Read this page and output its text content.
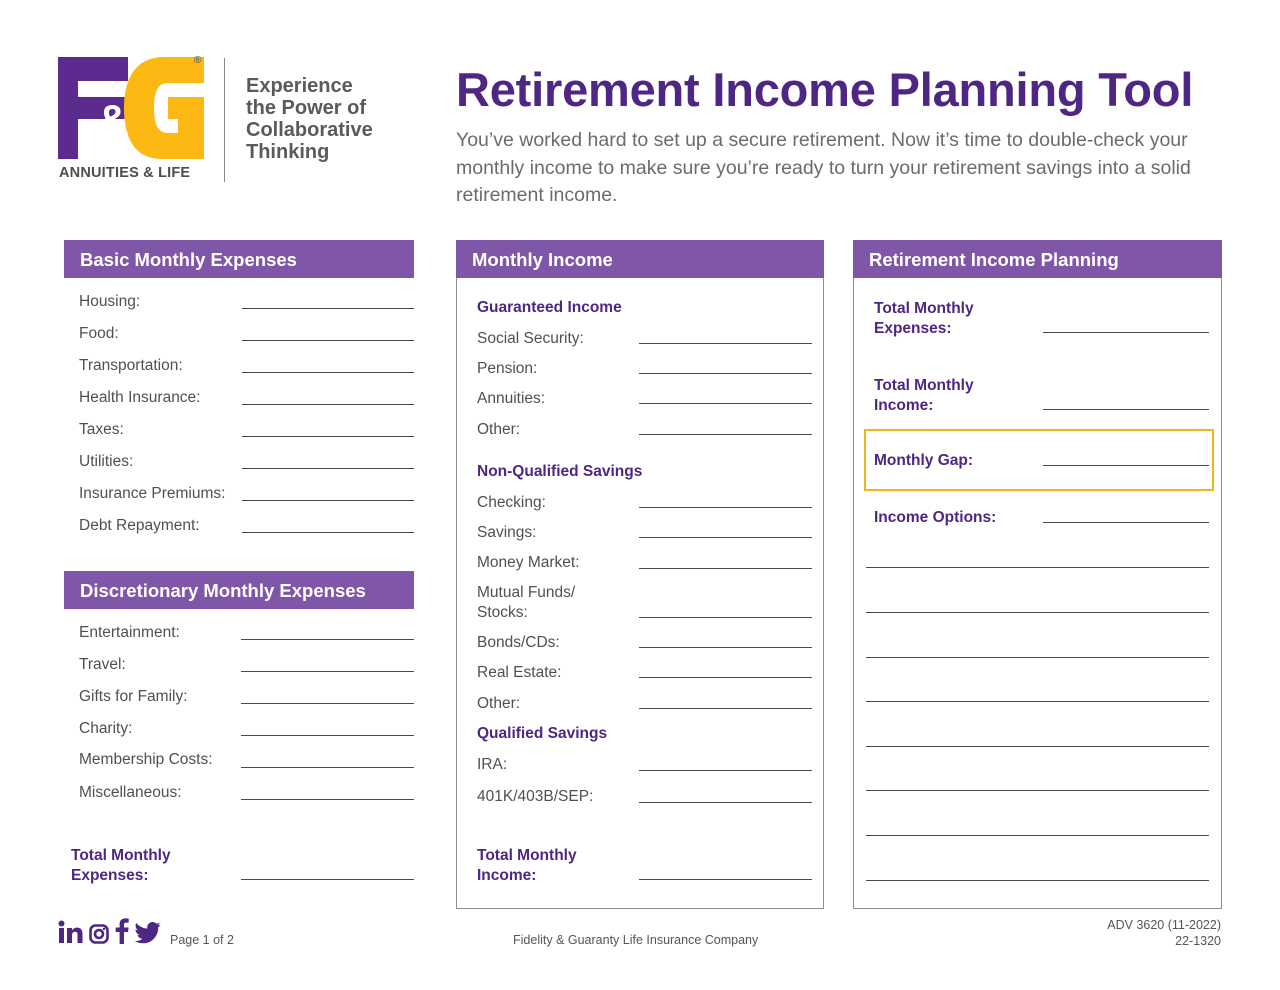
&
®
ANNUITIES & LIFE
Experience
the Power of
Collaborative
Thinking
Retirement Income Planning Tool

You’ve worked hard to set up a secure retirement. Now it’s time to double-check your monthly income to make sure you’re ready to turn your retirement savings into a solid retirement income.

Basic Monthly Expenses
Housing:
Food:
Transportation:
Health Insurance:
Taxes:
Utilities:
Insurance Premiums:
Debt Repayment:
Discretionary Monthly Expenses
Entertainment:
Travel:
Gifts for Family:
Charity:
Membership Costs:
Miscellaneous:
Total Monthly
Expenses:
Monthly Income
Guaranteed Income
Social Security:
Pension:
Annuities:
Other:
Non-Qualified Savings
Checking:
Savings:
Money Market:
Mutual Funds/
Stocks:
Bonds/CDs:
Real Estate:
Other:
Qualified Savings
IRA:
401K/403B/SEP:
Total Monthly
Income:
Retirement Income Planning
Total Monthly
Expenses:
Total Monthly
Income:
Monthly Gap:
Income Options:
Page 1 of 2	Fidelity & Guaranty Life Insurance Company
ADV 3620 (11-2022)
22-1320
